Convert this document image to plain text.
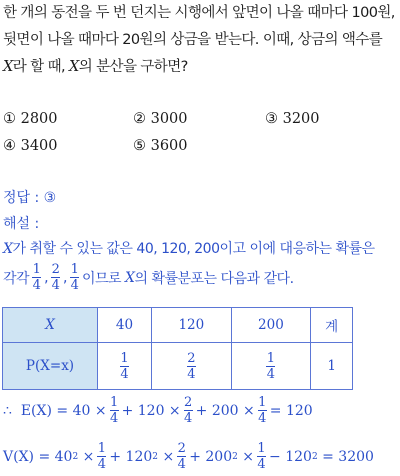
한 개의 동전을 두 번 던지는 시행에서 앞면이 나올 때마다 100원,
뒷면이 나올 때마다 20원의 상금을 받는다. 이때, 상금의 액수를
X라 할 때, X의 분산을 구하면?
① 2800	② 3000	③ 3200
④ 3400	⑤ 3600
정답 : ③
해설 :
X가 취할 수 있는 값은 40, 120, 200이고 이에 대응하는 확률은
각각 $\frac{1}{4}$ , $\frac{2}{4}$ , $\frac{1}{4}$ 이므로
X 의 확률분포는 다음과 같다.
X	40	120	200	계
P(X=x)	$\frac{1}{4}$	$\frac{2}{4}$	$\frac{1}{4}$	1
∴
$E(X) = 40 \times \frac{1}{4} + 120 \times \frac{2}{4} + 200 \times \frac{1}{4} = 120$
V(X) = 40 2
× $\frac{1}{4} + 120$ 2
× $\frac{2}{4} + 200$ 2
× $\frac{1}{4} - 120$ 2
= 3200
